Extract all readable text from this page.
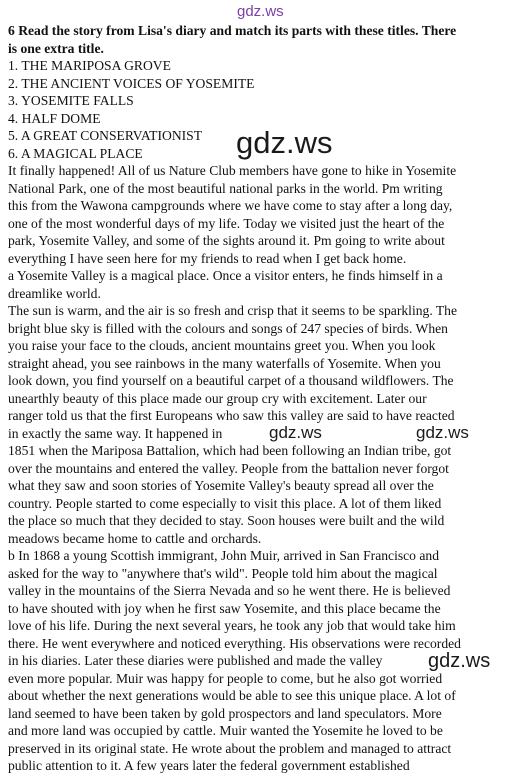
gdz.ws
6 Read the story from Lisa's diary and match its parts with these titles. There
is one extra title.
1. THE MARIPOSA GROVE
2. THE ANCIENT VOICES OF YOSEMITE
3. YOSEMITE FALLS
4. HALF DOME
5. A GREAT CONSERVATIONIST
6. A MAGICAL PLACE
It finally happened! All of us Nature Club members have gone to hike in Yosemite
National Park, one of the most beautiful national parks in the world. Pm writing
this from the Wawona campgrounds where we have come to stay after a long day,
one of the most wonderful days of my life. Today we visited just the heart of the
park, Yosemite Valley, and some of the sights around it. Pm going to write about
everything I have seen here for my friends to read when I get back home.
a Yosemite Valley is a magical place. Once a visitor enters, he finds himself in a
dreamlike world.
The sun is warm, and the air is so fresh and crisp that it seems to be sparkling. The
bright blue sky is filled with the colours and songs of 247 species of birds. When
you raise your face to the clouds, ancient mountains greet you. When you look
straight ahead, you see rainbows in the many waterfalls of Yosemite. When you
look down, you find yourself on a beautiful carpet of a thousand wildflowers. The
unearthly beauty of this place made our group cry with excitement. Later our
ranger told us that the first Europeans who saw this valley are said to have reacted
in exactly the same way. It happened in
1851 when the Mariposa Battalion, which had been following an Indian tribe, got
over the mountains and entered the valley. People from the battalion never forgot
what they saw and soon stories of Yosemite Valley's beauty spread all over the
country. People started to come especially to visit this place. A lot of them liked
the place so much that they decided to stay. Soon houses were built and the wild
meadows became home to cattle and orchards.
b In 1868 a young Scottish immigrant, John Muir, arrived in San Francisco and
asked for the way to "anywhere that's wild". People told him about the magical
valley in the mountains of the Sierra Nevada and so he went there. He is believed
to have shouted with joy when he first saw Yosemite, and this place became the
love of his life. During the next several years, he took any job that would take him
there. He went everywhere and noticed everything. His observations were recorded
in his diaries. Later these diaries were published and made the valley
even more popular. Muir was happy for people to come, but he also got worried
about whether the next generations would be able to see this unique place. A lot of
land seemed to have been taken by gold prospectors and land speculators. More
and more land was occupied by cattle. Muir wanted the Yosemite he loved to be
preserved in its original state. He wrote about the problem and managed to attract
public attention to it. A few years later the federal government established
gdz.ws
gdz.ws	gdz.ws
gdz.ws
